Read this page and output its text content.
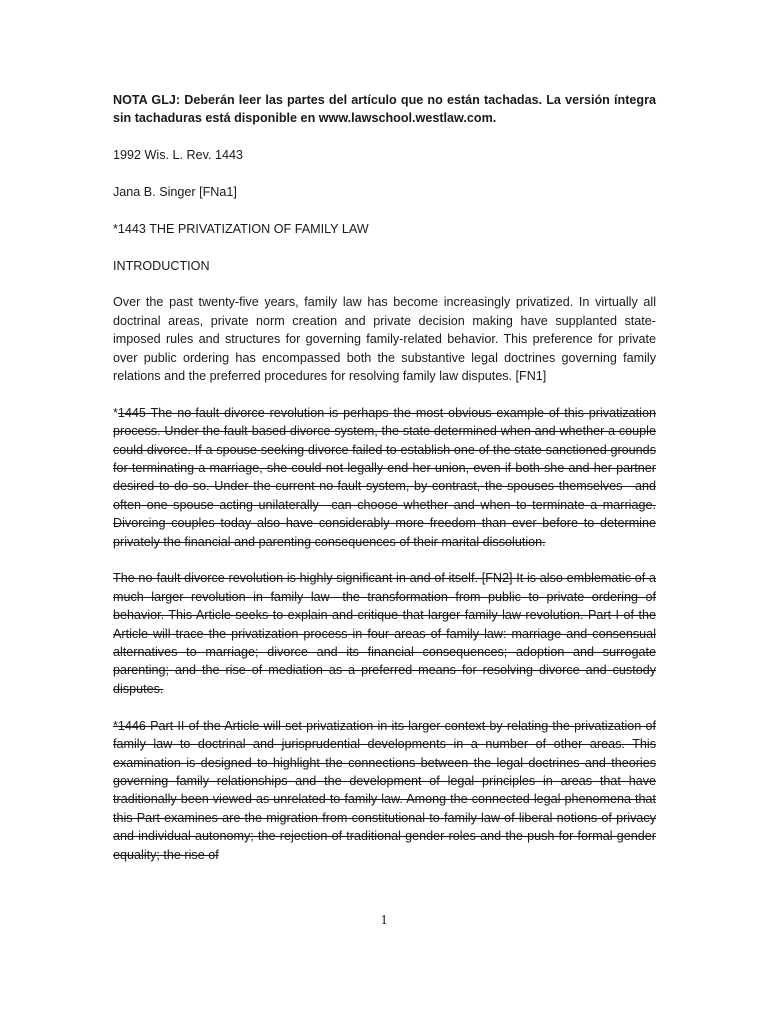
NOTA GLJ: Deberán leer las partes del artículo que no están tachadas. La versión íntegra sin tachaduras está disponible en www.lawschool.westlaw.com.
1992 Wis. L. Rev. 1443
Jana B. Singer [FNa1]
*1443 THE PRIVATIZATION OF FAMILY LAW
INTRODUCTION
Over the past twenty-five years, family law has become increasingly privatized. In virtually all doctrinal areas, private norm creation and private decision making have supplanted state-imposed rules and structures for governing family-related behavior. This preference for private over public ordering has encompassed both the substantive legal doctrines governing family relations and the preferred procedures for resolving family law disputes. [FN1]
*1445 The no-fault divorce revolution is perhaps the most obvious example of this privatization process. Under the fault-based divorce system, the state determined when and whether a couple could divorce. If a spouse seeking divorce failed to establish one of the state-sanctioned grounds for terminating a marriage, she could not legally end her union, even if both she and her partner desired to do so. Under the current no-fault system, by contrast, the spouses themselves—and often one spouse acting unilaterally—can choose whether and when to terminate a marriage. Divorcing couples today also have considerably more freedom than ever before to determine privately the financial and parenting consequences of their marital dissolution.
The no-fault divorce revolution is highly significant in and of itself. [FN2] It is also emblematic of a much larger revolution in family law—the transformation from public to private ordering of behavior. This Article seeks to explain and critique that larger family law revolution. Part I of the Article will trace the privatization process in four areas of family law: marriage and consensual alternatives to marriage; divorce and its financial consequences; adoption and surrogate parenting; and the rise of mediation as a preferred means for resolving divorce and custody disputes.
*1446 Part II of the Article will set privatization in its larger context by relating the privatization of family law to doctrinal and jurisprudential developments in a number of other areas. This examination is designed to highlight the connections between the legal doctrines and theories governing family relationships and the development of legal principles in areas that have traditionally been viewed as unrelated to family law. Among the connected legal phenomena that this Part examines are the migration from constitutional to family law of liberal notions of privacy and individual autonomy; the rejection of traditional gender roles and the push for formal gender equality; the rise of
1
